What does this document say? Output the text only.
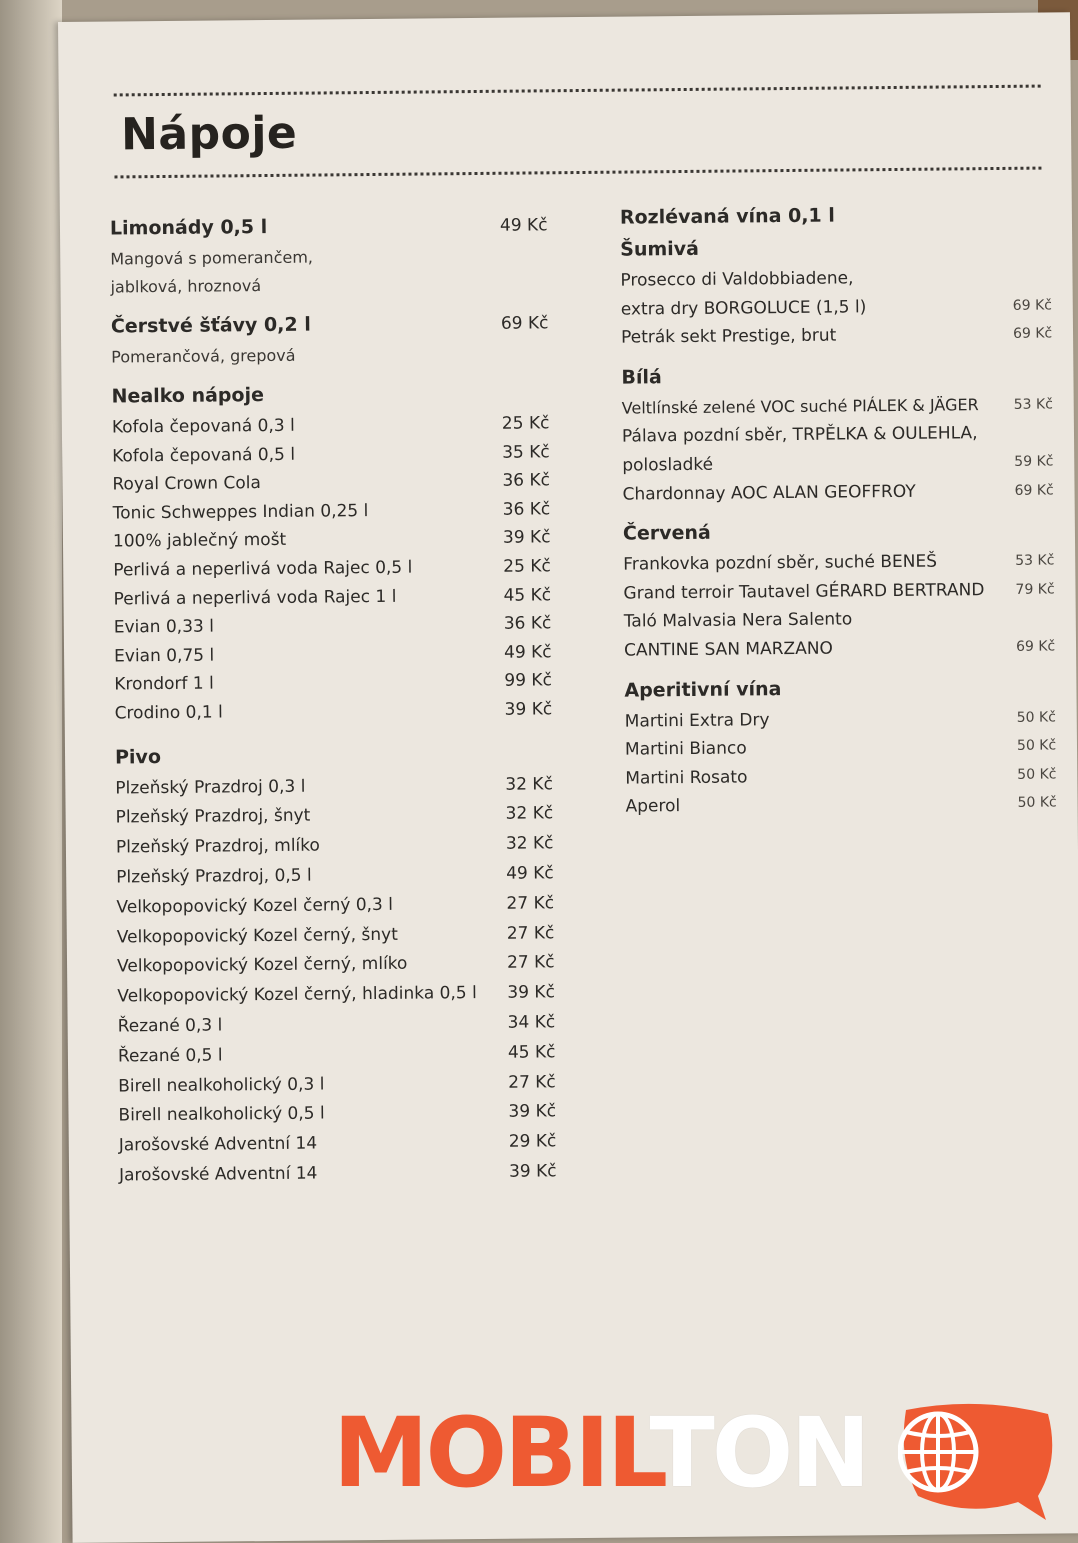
Nápoje
Limonády 0,5 l	49 Kč
Mangová s pomerančem,
jablková, hroznová
Čerstvé šťávy 0,2 l	69 Kč
Pomerančová, grepová
Nealko nápoje
Kofola čepovaná 0,3 l	25 Kč
Kofola čepovaná 0,5 l	35 Kč
Royal Crown Cola	36 Kč
Tonic Schweppes Indian 0,25 l	36 Kč
100% jablečný mošt	39 Kč
Perlivá a neperlivá voda Rajec 0,5 l	25 Kč
Perlivá a neperlivá voda Rajec 1 l	45 Kč
Evian 0,33 l	36 Kč
Evian 0,75 l	49 Kč
Krondorf 1 l	99 Kč
Crodino 0,1 l	39 Kč
Pivo
Plzeňský Prazdroj 0,3 l	32 Kč
Plzeňský Prazdroj, šnyt	32 Kč
Plzeňský Prazdroj, mlíko	32 Kč
Plzeňský Prazdroj, 0,5 l	49 Kč
Velkopopovický Kozel černý 0,3 l	27 Kč
Velkopopovický Kozel černý, šnyt	27 Kč
Velkopopovický Kozel černý, mlíko	27 Kč
Velkopopovický Kozel černý, hladinka 0,5 l 39 Kč
Řezané 0,3 l	34 Kč
Řezané 0,5 l	45 Kč
Birell nealkoholický 0,3 l	27 Kč
Birell nealkoholický 0,5 l	39 Kč
Jarošovské Adventní 14	29 Kč
Jarošovské Adventní 14	39 Kč
Rozlévaná vína 0,1 l
Šumivá
Prosecco di Valdobbiadene,
extra dry BORGOLUCE (1,5 l)	69 Kč
Petrák sekt Prestige, brut	69 Kč
Bílá
Veltlínské zelené VOC suché PIÁLEK & JÄGER 53 Kč
Pálava pozdní sběr, TRPĚLKA & OULEHLA,
polosladké	59 Kč
Chardonnay AOC ALAN GEOFFROY	69 Kč
Červená
Frankovka pozdní sběr, suché BENEŠ	53 Kč
Grand terroir Tautavel GÉRARD BERTRAND 79 Kč
Taló Malvasia Nera Salento
CANTINE SAN MARZANO	69 Kč
Aperitivní vína
Martini Extra Dry	50 Kč
Martini Bianco	50 Kč
Martini Rosato	50 Kč
Aperol	50 Kč
MOBILTON
